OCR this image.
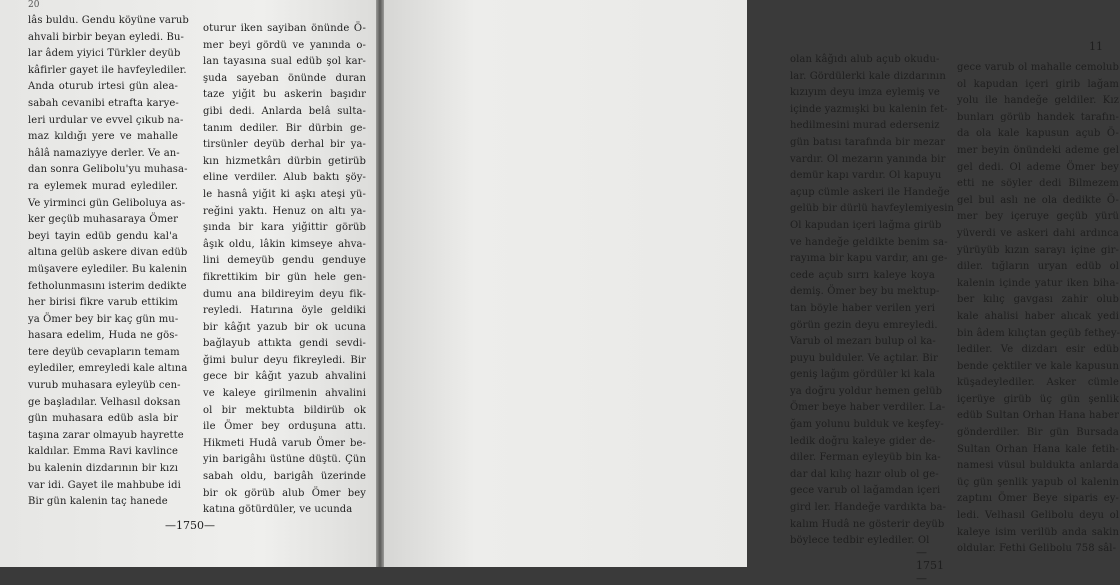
20
lâs buldu. Gendu köyüne varub
ahvali birbir beyan eyledi. Bu-
lar âdem yiyici Türkler deyüb
kâfirler gayet ile havfeylediler.
Anda oturub irtesi gün alea-
sabah cevanibi etrafta karye-
leri urdular ve evvel çıkub na-
maz kıldığı yere ve mahalle
hâlâ namaziyye derler. Ve an-
dan sonra Gelibolu'yu muhasa-
ra eylemek murad eylediler.
Ve yirminci gün Geliboluya as-
ker geçüb muhasaraya Ömer
beyi tayin edüb gendu kal'a
altına gelüb askere divan edüb
müşavere eylediler. Bu kalenin
fetholunmasını isterim dedikte
her birisi fikre varub ettikim
ya Ömer bey bir kaç gün mu-
hasara edelim, Huda ne gös-
tere deyüb cevapların temam
eylediler, emreyledi kale altına
vurub muhasara eyleyüb cen-
ge başladılar. Velhasıl doksan
gün muhasara edüb asla bir
taşına zarar olmayub hayrette
kaldılar. Emma Ravi kavlince
bu kalenin dizdarının bir kızı
var idi. Gayet ile mahbube idi
Bir gün kalenin taç hanede
oturur iken sayiban önünde Ö-
mer beyi gördü ve yanında o-
lan tayasına sual edüb şol kar-
şuda sayeban önünde duran
taze yiğit bu askerin başıdır
gibi dedi. Anlarda belâ sulta-
tanım dediler. Bir dürbin ge-
tirsünler deyüb derhal bir ya-
kın hizmetkârı dürbin getirüb
eline verdiler. Alub baktı şöy-
le hasnâ yiğit ki aşkı ateşi yü-
reğini yaktı. Henuz on altı ya-
şında bir kara yiğittir görüb
âşık oldu, lâkin kimseye ahva-
lini demeyüb gendu genduye
fikrettikim bir gün hele gen-
dumu ana bildireyim deyu fik-
reyledi. Hatırına öyle geldiki
bir kâğıt yazub bir ok ucuna
bağlayub attıkta gendi sevdi-
ğimi bulur deyu fikreyledi. Bir
gece bir kâğıt yazub ahvalini
ve kaleye girilmenin ahvalini
ol bir mektubta bildirüb ok
ile Ömer bey orduşuna attı.
Hikmeti Hudâ varub Ömer be-
yin barigâhı üstüne düştü. Çün
sabah oldu, barigâh üzerinde
bir ok görüb alub Ömer bey
katına götürdüler, ve ucunda
—1750—
11
olan kâğıdı alub açub okudu-
lar. Gördülerki kale dizdarının
kızıyım deyu imza eylemiş ve
içinde yazmışki bu kalenin fet-
hedilmesini murad ederseniz
gün batısı tarafında bir mezar
vardır. Ol mezarın yanında bir
demür kapı vardır. Ol kapuyu
açup cümle askeri ile Handeğe
gelüb bir dürlü havfeylemiyesin
Ol kapudan içeri lağma girüb
ve handeğe geldikte benim sa-
rayıma bir kapu vardır, anı ge-
cede açub sırrı kaleye koya
demiş. Ömer bey bu mektup-
tan böyle haber verilen yeri
görün gezin deyu emreyledi.
Varub ol mezarı bulup ol ka-
puyu bulduler. Ve açtılar. Bir
geniş lağım gördüler ki kala
ya doğru yoldur hemen gelüb
Ömer beye haber verdiler. La-
ğam yolunu bulduk ve keşfey-
ledik doğru kaleye gider de-
diler. Ferman eyleyüb bin ka-
dar dal kılıç hazır olub ol ge-
gece varub ol lağamdan içeri
gird ler. Handeğe vardıkta ba-
kalım Hudâ ne gösterir deyüb
böylece tedbir eylediler. Ol
gece varub ol mahalle cemolub
ol kapudan içeri girib lağam
yolu ile handeğe geldiler. Kız
bunları görüb handek tarafın-
da ola kale kapusun açub Ö-
mer beyin önündeki ademe gel
gel dedi. Ol ademe Ömer bey
etti ne söyler dedi Bilmezem
gel bul aslı ne ola dedikte Ö-
mer bey içeruye geçüb yürü
yüverdi ve askeri dahi ardınca
yürüyüb kızın sarayı içine gir-
diler. tığların uryan edüb ol
kalenin içinde yatur iken biha-
ber kılıç gavgası zahir olub
kale ahalisi haber alıcak yedi
bin âdem kılıçtan geçüb fethey-
lediler. Ve dizdarı esir edüb
bende çektiler ve kale kapusun
küşadeylediler. Asker cümle
içerüye girüb üç gün şenlik
edüb Sultan Orhan Hana haber
gönderdiler. Bir gün Bursada
Sultan Orhan Hana kale fetih-
namesi vüsul buldukta anlarda
üç gün şenlik yapub ol kalenin
zaptını Ömer Beye siparis ey-
ledi. Velhasıl Gelibolu deyu ol
kaleye isim verilüb anda sakin
oldular. Fethi Gelibolu 758 sâl-
—1751—
